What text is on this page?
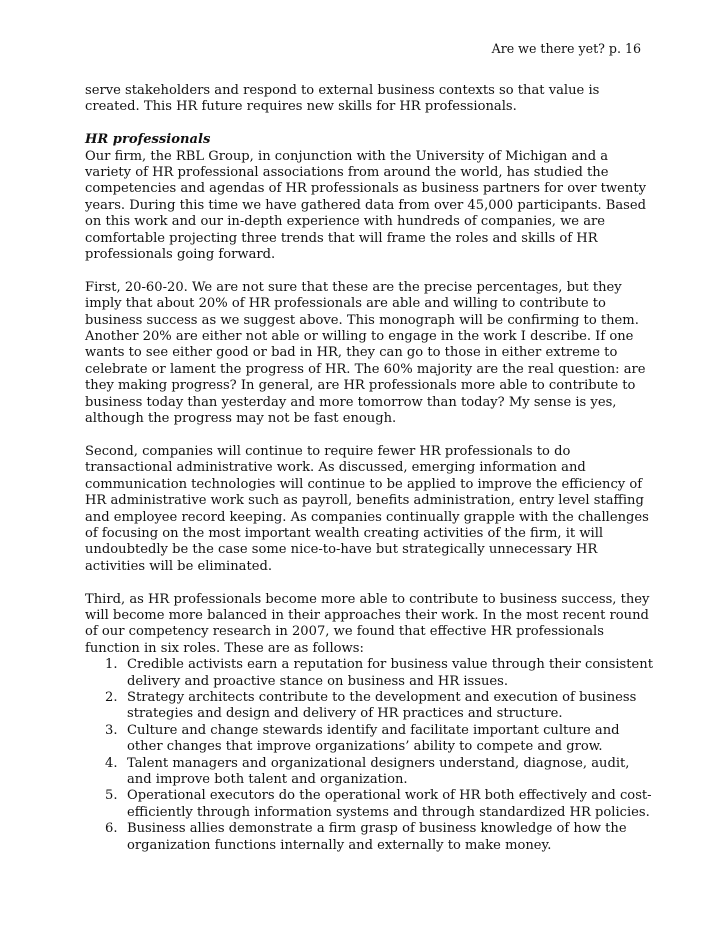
Are we there yet? p. 16

serve stakeholders and respond to external business contexts so that value is created. This HR future requires new skills for HR professionals.

HR professionals

Our firm, the RBL Group, in conjunction with the University of Michigan and a variety of HR professional associations from around the world, has studied the competencies and agendas of HR professionals as business partners for over twenty years. During this time we have gathered data from over 45,000 participants. Based on this work and our in-depth experience with hundreds of companies, we are comfortable projecting three trends that will frame the roles and skills of HR professionals going forward.

First, 20-60-20. We are not sure that these are the precise percentages, but they imply that about 20% of HR professionals are able and willing to contribute to business success as we suggest above. This monograph will be confirming to them. Another 20% are either not able or willing to engage in the work I describe. If one wants to see either good or bad in HR, they can go to those in either extreme to celebrate or lament the progress of HR. The 60% majority are the real question: are they making progress? In general, are HR professionals more able to contribute to business today than yesterday and more tomorrow than today? My sense is yes, although the progress may not be fast enough.

Second, companies will continue to require fewer HR professionals to do transactional administrative work. As discussed, emerging information and communication technologies will continue to be applied to improve the efficiency of HR administrative work such as payroll, benefits administration, entry level staffing and employee record keeping. As companies continually grapple with the challenges of focusing on the most important wealth creating activities of the firm, it will undoubtedly be the case some nice-to-have but strategically unnecessary HR activities will be eliminated.

Third, as HR professionals become more able to contribute to business success, they will become more balanced in their approaches their work. In the most recent round of our competency research in 2007, we found that effective HR professionals function in six roles. These are as follows:

1. Credible activists earn a reputation for business value through their consistent delivery and proactive stance on business and HR issues.
2. Strategy architects contribute to the development and execution of business strategies and design and delivery of HR practices and structure.
3. Culture and change stewards identify and facilitate important culture and other changes that improve organizations’ ability to compete and grow.
4. Talent managers and organizational designers understand, diagnose, audit, and improve both talent and organization.
5. Operational executors do the operational work of HR both effectively and cost-efficiently through information systems and through standardized HR policies.
6. Business allies demonstrate a firm grasp of business knowledge of how the organization functions internally and externally to make money.
